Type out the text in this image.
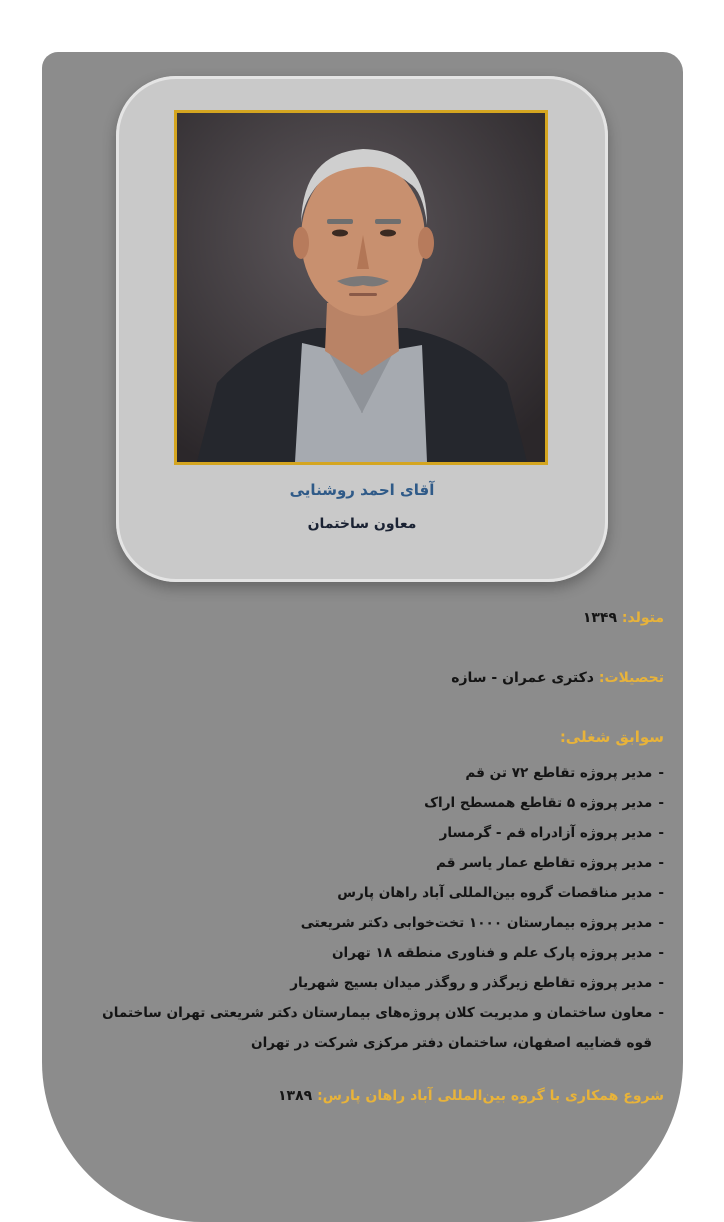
آقای احمد روشنایی
معاون ساختمان
متولد: ۱۳۴۹
تحصیلات: دکتری عمران - سازه
سوابق شغلی:
-مدیر پروژه تقاطع ۷۲ تن قم
-مدیر پروژه ۵ تقاطع همسطح اراک
-مدیر پروژه آزادراه قم - گرمسار
-مدیر پروژه تقاطع عمار یاسر قم
-مدیر مناقصات گروه بین‌المللی آباد راهان پارس
-مدیر پروژه بیمارستان ۱۰۰۰ تخت‌خوابی دکتر شریعتی
-مدیر پروژه پارک علم و فناوری منطقه ۱۸ تهران
-مدیر پروژه تقاطع زیرگذر و روگذر میدان بسیج شهریار
-معاون ساختمان و مدیریت کلان پروژه‌های بیمارستان دکتر شریعتی تهران ساختمان
قوه قضاییه اصفهان، ساختمان دفتر مرکزی شرکت در تهران
شروع همکاری با گروه بین‌المللی آباد راهان پارس: ۱۳۸۹
